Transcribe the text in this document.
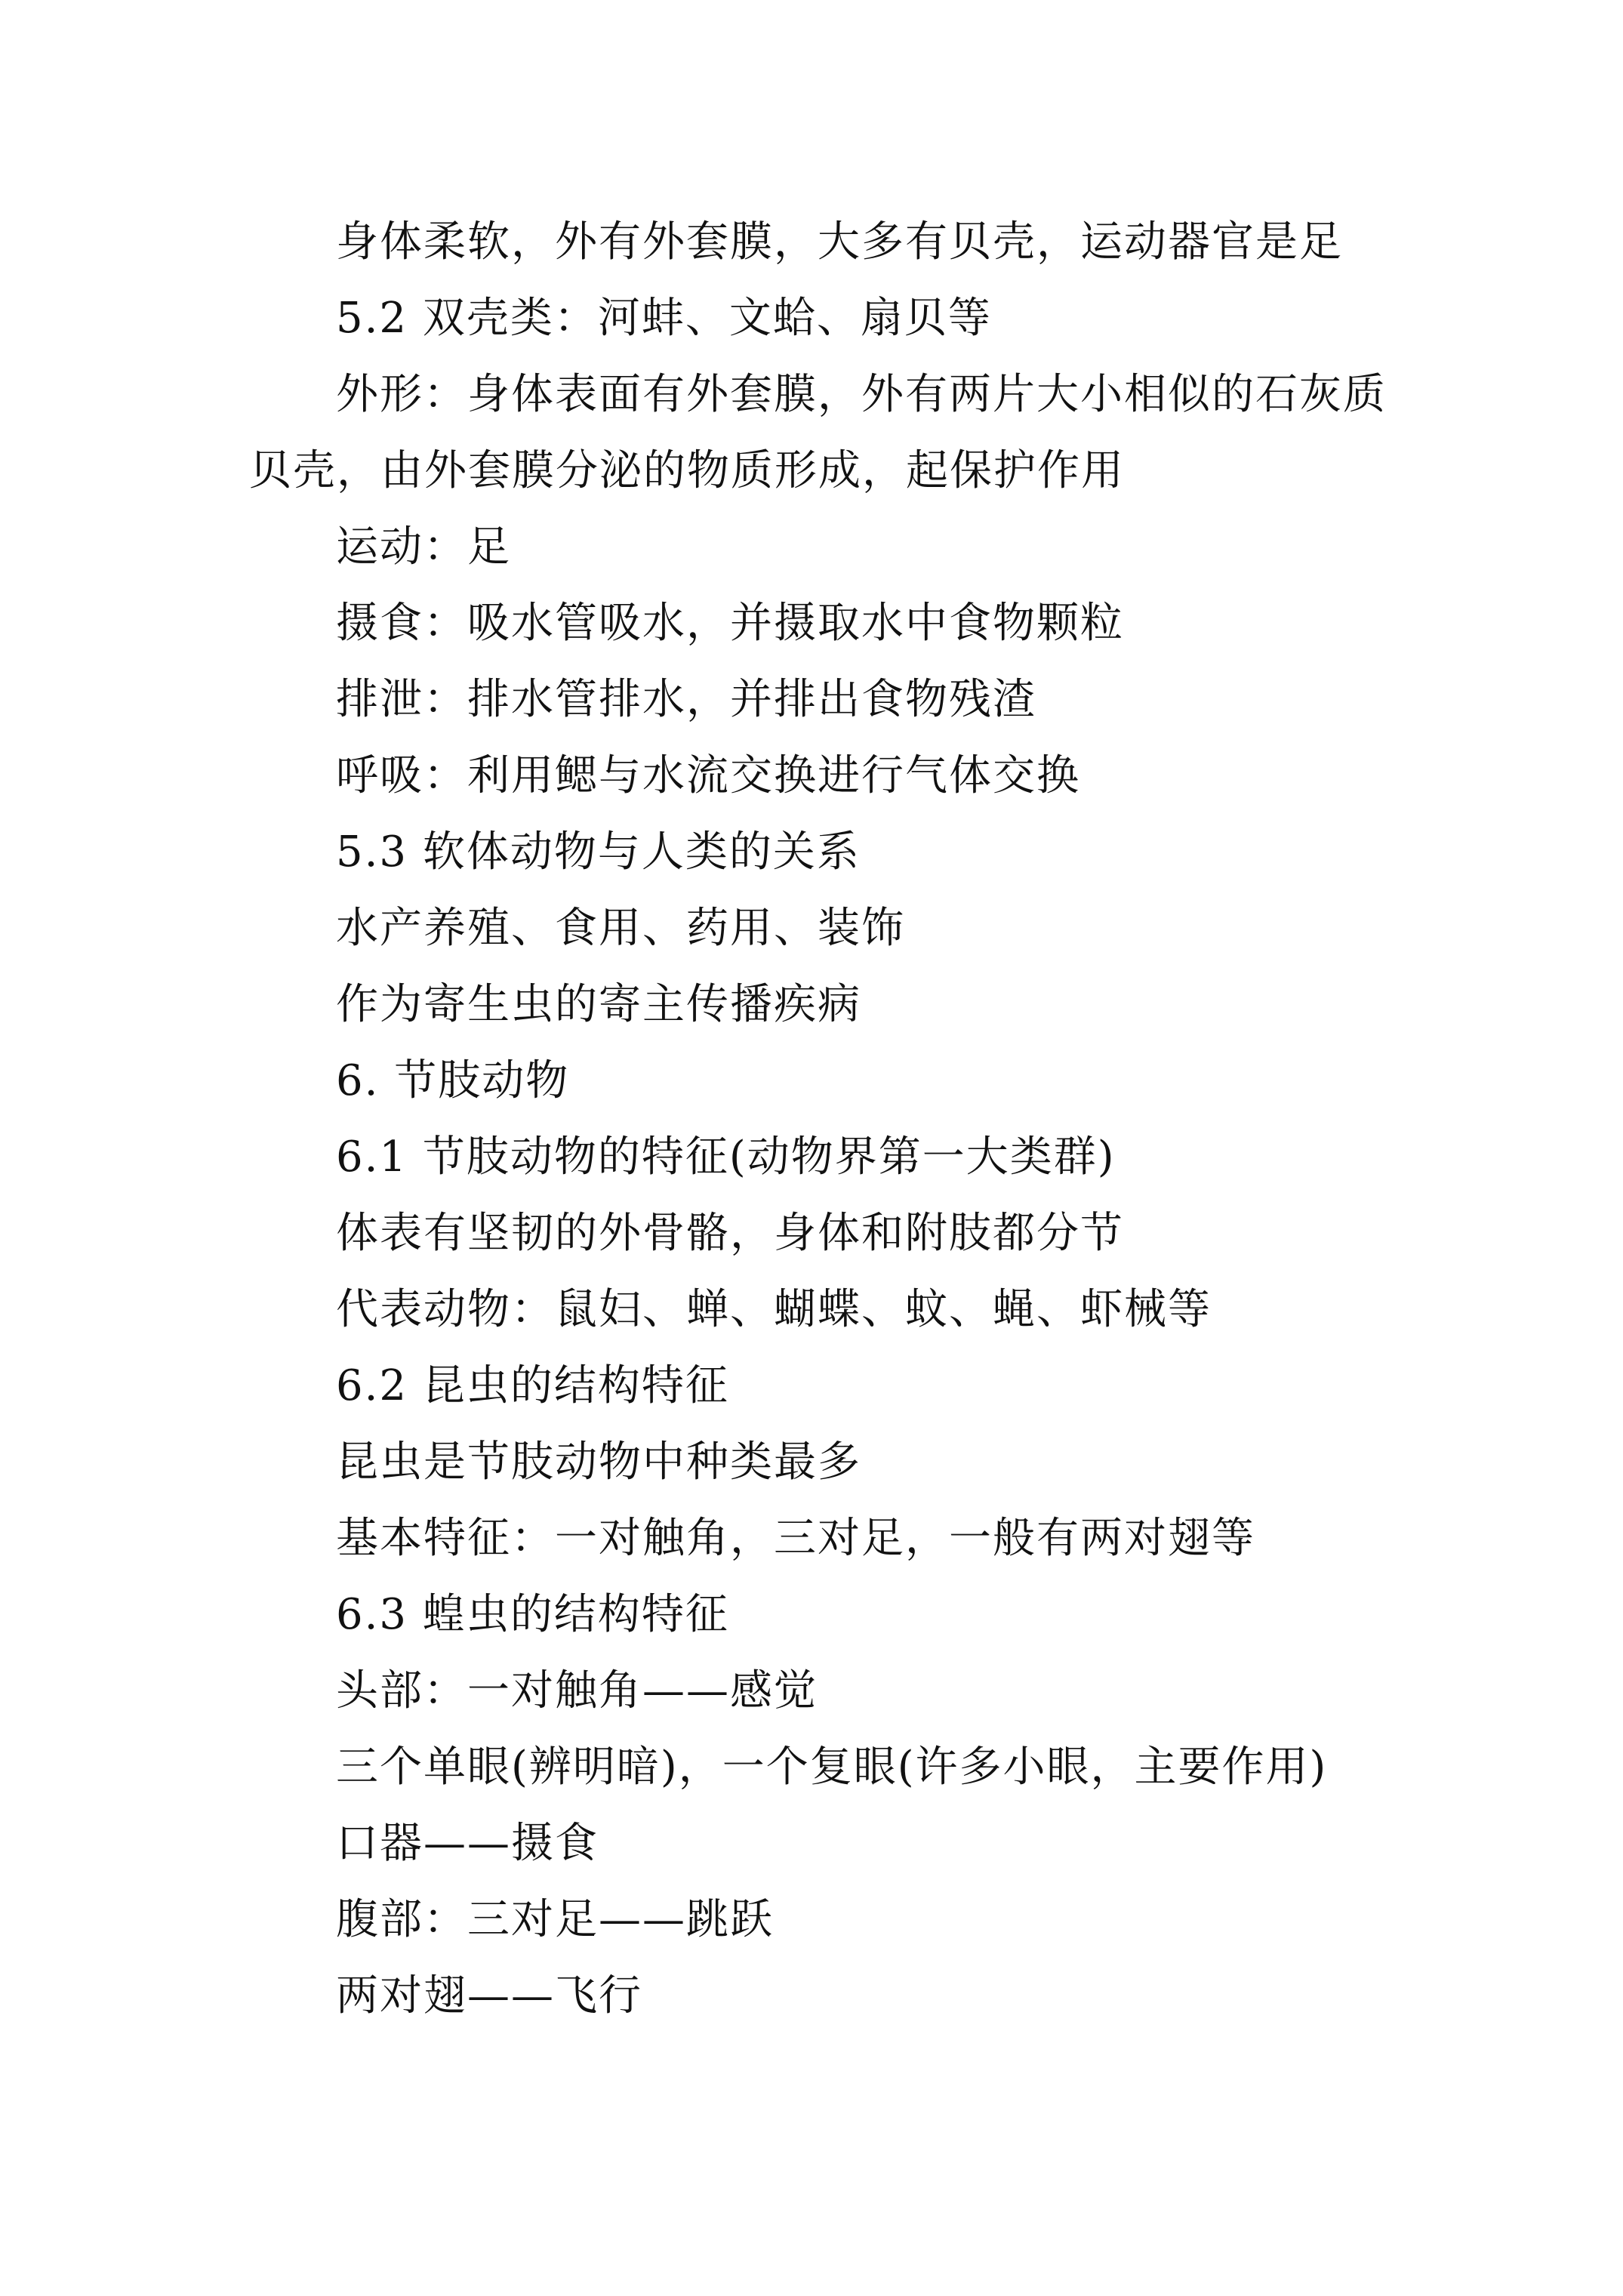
身体柔软，外有外套膜，大多有贝壳，运动器官是足

5.2 双壳类：河蚌、文蛤、扇贝等

外形：身体表面有外套膜，外有两片大小相似的石灰质

贝壳，由外套膜分泌的物质形成，起保护作用

运动：足

摄食：吸水管吸水，并摄取水中食物颗粒

排泄：排水管排水，并排出食物残渣

呼吸：利用鳃与水流交换进行气体交换

5.3 软体动物与人类的关系

水产养殖、食用、药用、装饰

作为寄生虫的寄主传播疾病

6. 节肢动物

6.1 节肢动物的特征(动物界第一大类群)

体表有坚韧的外骨骼，身体和附肢都分节

代表动物：鼠妇、蝉、蝴蝶、蚊、蝇、虾械等

6.2 昆虫的结构特征

昆虫是节肢动物中种类最多

基本特征：一对触角，三对足，一般有两对翅等

6.3 蝗虫的结构特征

头部：一对触角——感觉

三个单眼(辨明暗)，一个复眼(许多小眼，主要作用)

口器——摄食

腹部：三对足——跳跃

两对翅——飞行
